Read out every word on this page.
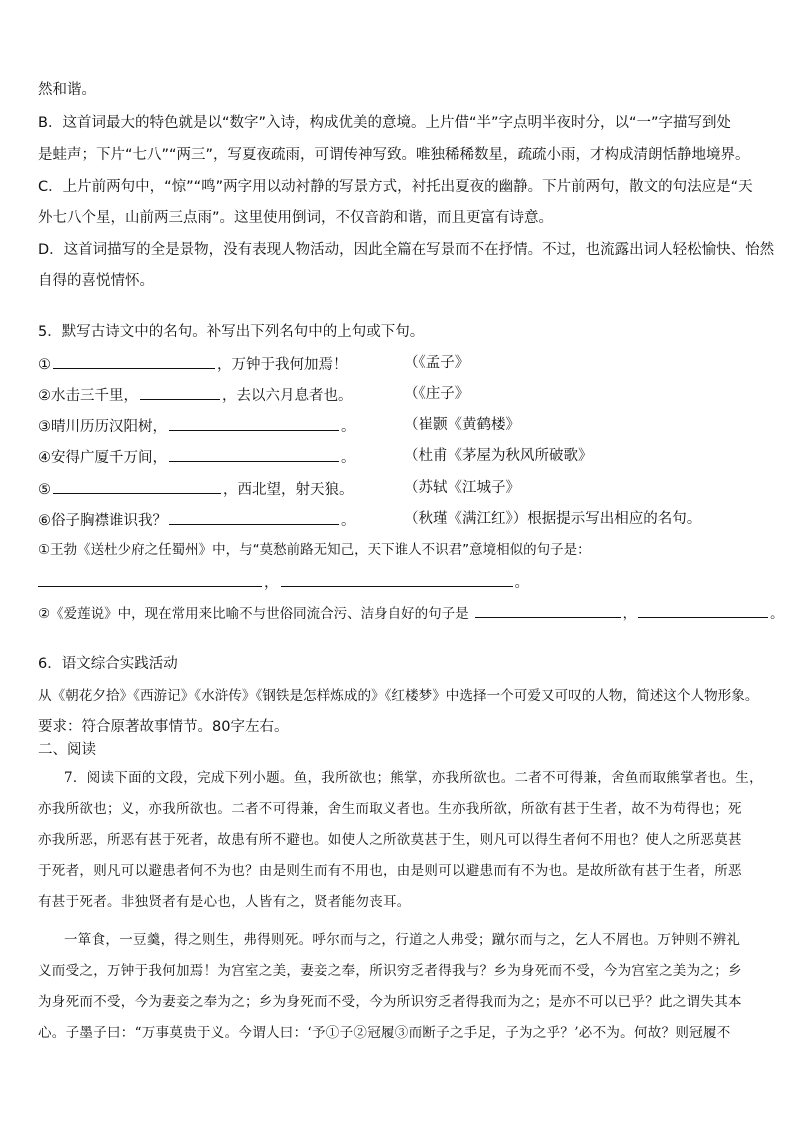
然和谐。
B．这首词最大的特色就是以“数字”入诗，构成优美的意境。上片借“半”字点明半夜时分，以“一”字描写到处
是蛙声；下片“七八”“两三”，写夏夜疏雨，可谓传神写致。唯独稀稀数星，疏疏小雨，才构成清朗恬静地境界。
C．上片前两句中，“惊”“鸣”两字用以动衬静的写景方式，衬托出夏夜的幽静。下片前两句，散文的句法应是“天
外七八个星，山前两三点雨”。这里使用倒词，不仅音韵和谐，而且更富有诗意。
D．这首词描写的全是景物，没有表现人物活动，因此全篇在写景而不在抒情。不过，也流露出词人轻松愉快、怡然
自得的喜悦情怀。
5．默写古诗文中的名句。补写出下列名句中的上句或下句。
①	，万钟于我何加焉！	（《孟子》
②水击三千里，	，去以六月息者也。	（《庄子》
③晴川历历汉阳树，	。	（崔颢《黄鹤楼》
④安得广厦千万间，	。	（杜甫《茅屋为秋风所破歌》
⑤	，西北望，射天狼。	（苏轼《江城子》
⑥俗子胸襟谁识我？	。	（秋瑾《满江红》）根据提示写出相应的名句。
①王勃《送杜少府之任蜀州》中，与“莫愁前路无知己，天下谁人不识君”意境相似的句子是：
，	。
②《爱莲说》中，现在常用来比喻不与世俗同流合污、洁身自好的句子是	，	。
6．语文综合实践活动
从《朝花夕拾》《西游记》《水浒传》《钢铁是怎样炼成的》《红楼梦》中选择一个可爱又可叹的人物，简述这个人物形象。
要求：符合原著故事情节。80字左右。
二、阅读
7．阅读下面的文段，完成下列小题。鱼，我所欲也；熊掌，亦我所欲也。二者不可得兼，舍鱼而取熊掌者也。生，
亦我所欲也；义，亦我所欲也。二者不可得兼，舍生而取义者也。生亦我所欲，所欲有甚于生者，故不为苟得也；死
亦我所恶，所恶有甚于死者，故患有所不避也。如使人之所欲莫甚于生，则凡可以得生者何不用也？使人之所恶莫甚
于死者，则凡可以避患者何不为也？由是则生而有不用也，由是则可以避患而有不为也。是故所欲有甚于生者，所恶
有甚于死者。非独贤者有是心也，人皆有之，贤者能勿丧耳。
一箪食，一豆羹，得之则生，弗得则死。呼尔而与之，行道之人弗受；蹴尔而与之，乞人不屑也。万钟则不辨礼
义而受之，万钟于我何加焉！为宫室之美，妻妾之奉，所识穷乏者得我与？乡为身死而不受，今为宫室之美为之；乡
为身死而不受，今为妻妾之奉为之；乡为身死而不受，今为所识穷乏者得我而为之；是亦不可以已乎？此之谓失其本
心。子墨子曰：“万事莫贵于义。今谓人曰：‘予①子②冠履③而断子之手足，子为之乎？’必不为。何故？则冠履不
